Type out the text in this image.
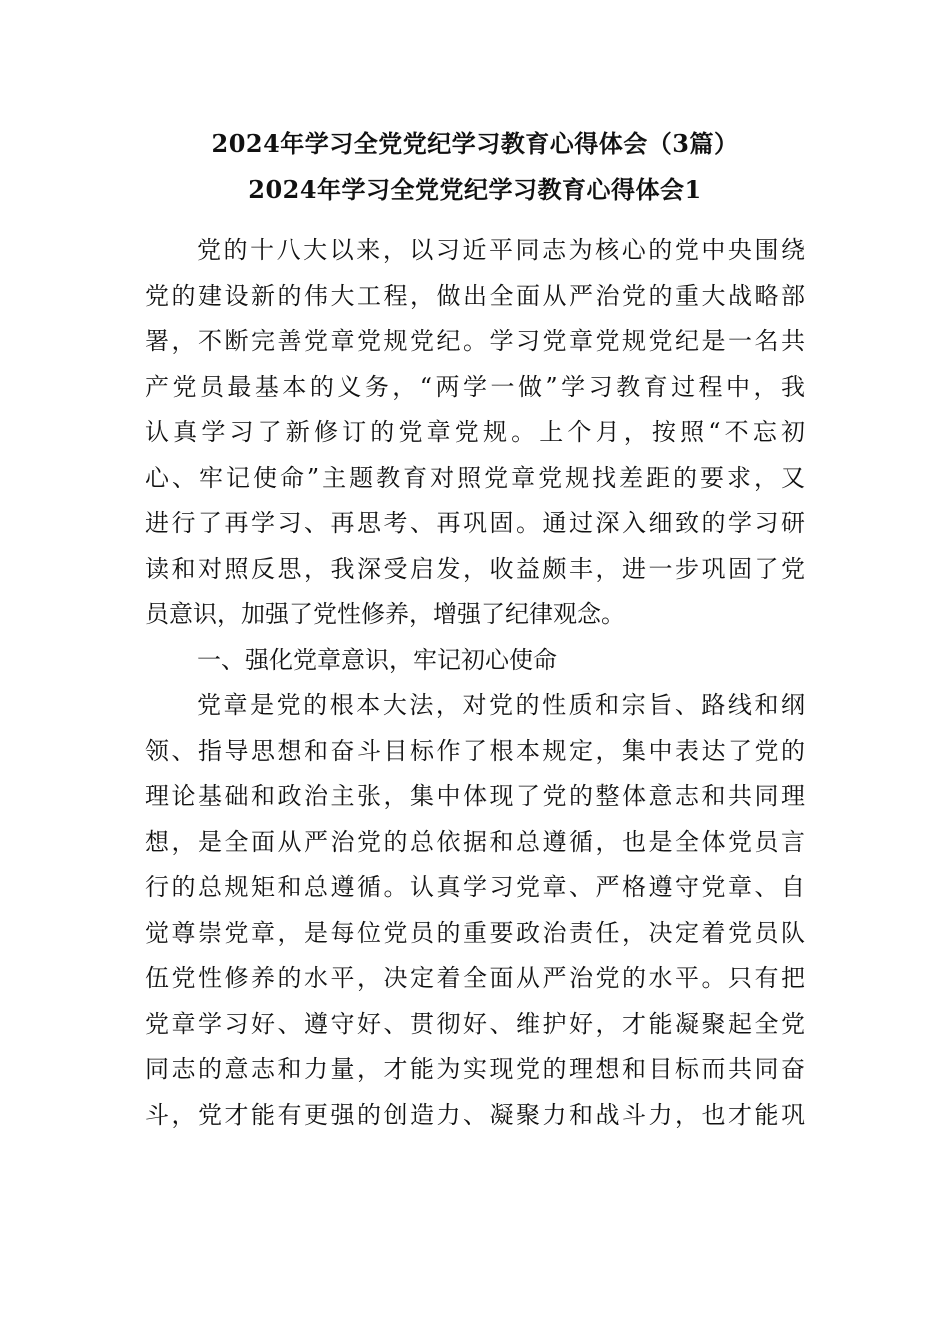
2024年学习全党党纪学习教育心得体会（3篇）
2024年学习全党党纪学习教育心得体会1
党的十八大以来，以习近平同志为核心的党中央围绕
党的建设新的伟大工程，做出全面从严治党的重大战略部
署，不断完善党章党规党纪。学习党章党规党纪是一名共
产党员最基本的义务，“两学一做”学习教育过程中，我
认真学习了新修订的党章党规。上个月，按照“不忘初
心、牢记使命”主题教育对照党章党规找差距的要求，又
进行了再学习、再思考、再巩固。通过深入细致的学习研
读和对照反思，我深受启发，收益颇丰，进一步巩固了党
员意识，加强了党性修养，增强了纪律观念。
一、强化党章意识，牢记初心使命
党章是党的根本大法，对党的性质和宗旨、路线和纲
领、指导思想和奋斗目标作了根本规定，集中表达了党的
理论基础和政治主张，集中体现了党的整体意志和共同理
想，是全面从严治党的总依据和总遵循，也是全体党员言
行的总规矩和总遵循。认真学习党章、严格遵守党章、自
觉尊崇党章，是每位党员的重要政治责任，决定着党员队
伍党性修养的水平，决定着全面从严治党的水平。只有把
党章学习好、遵守好、贯彻好、维护好，才能凝聚起全党
同志的意志和力量，才能为实现党的理想和目标而共同奋
斗，党才能有更强的创造力、凝聚力和战斗力，也才能巩
